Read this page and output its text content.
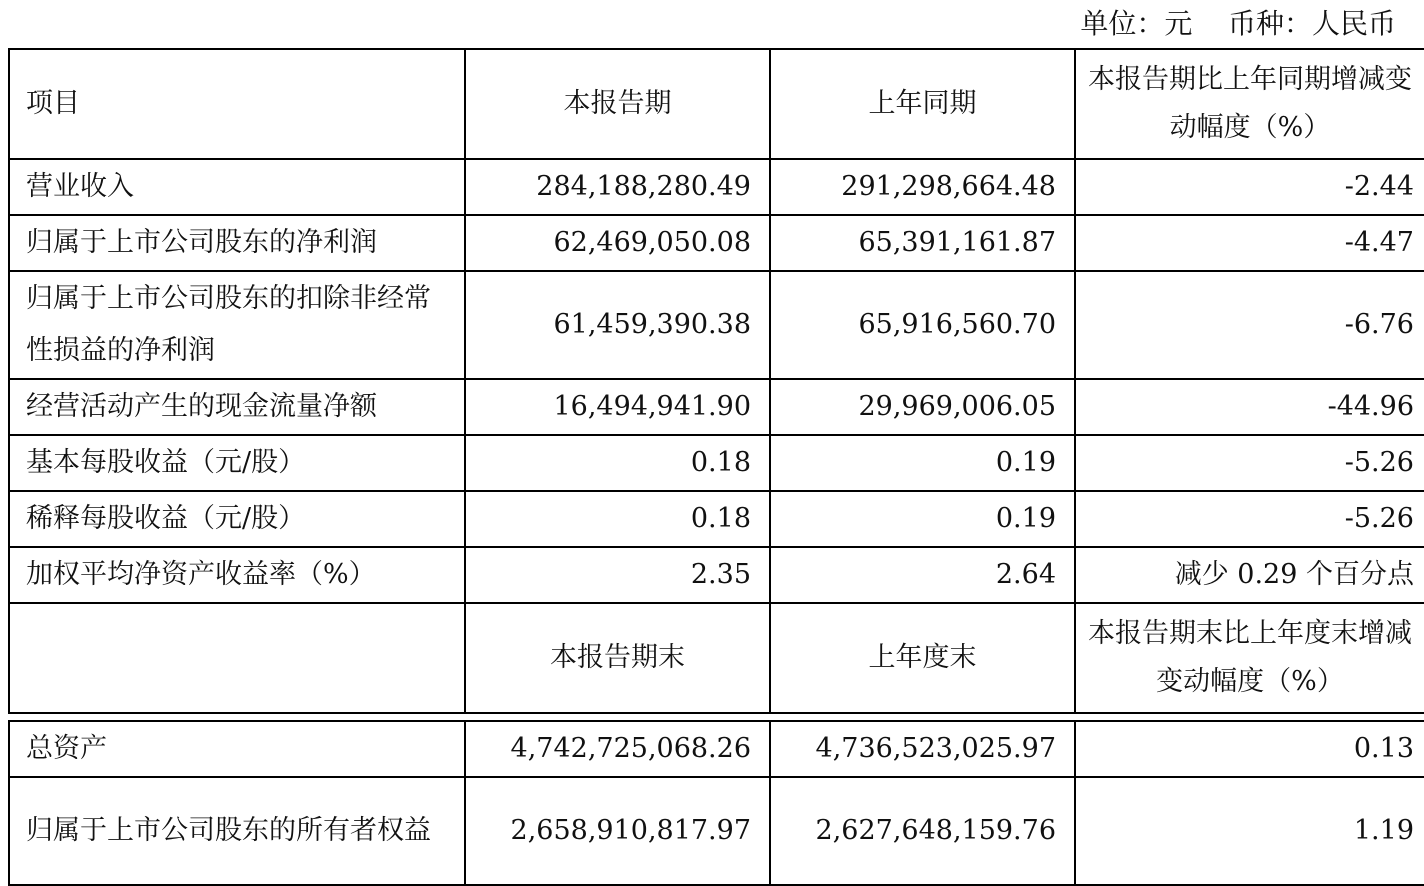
单位：元    币种：人民币
项目	本报告期	上年同期	本报告期比上年同期增减变动幅度（%）
营业收入	284,188,280.49	291,298,664.48	-2.44
归属于上市公司股东的净利润	62,469,050.08	65,391,161.87	-4.47
归属于上市公司股东的扣除非经常性损益的净利润	61,459,390.38	65,916,560.70	-6.76
经营活动产生的现金流量净额	16,494,941.90	29,969,006.05	-44.96
基本每股收益（元/股）	0.18	0.19	-5.26
稀释每股收益（元/股）	0.18	0.19	-5.26
加权平均净资产收益率（%）	2.35	2.64	减少 0.29 个百分点
	本报告期末	上年度末	本报告期末比上年度末增减变动幅度（%）

总资产	4,742,725,068.26	4,736,523,025.97	0.13
归属于上市公司股东的所有者权益	2,658,910,817.97	2,627,648,159.76	1.19
